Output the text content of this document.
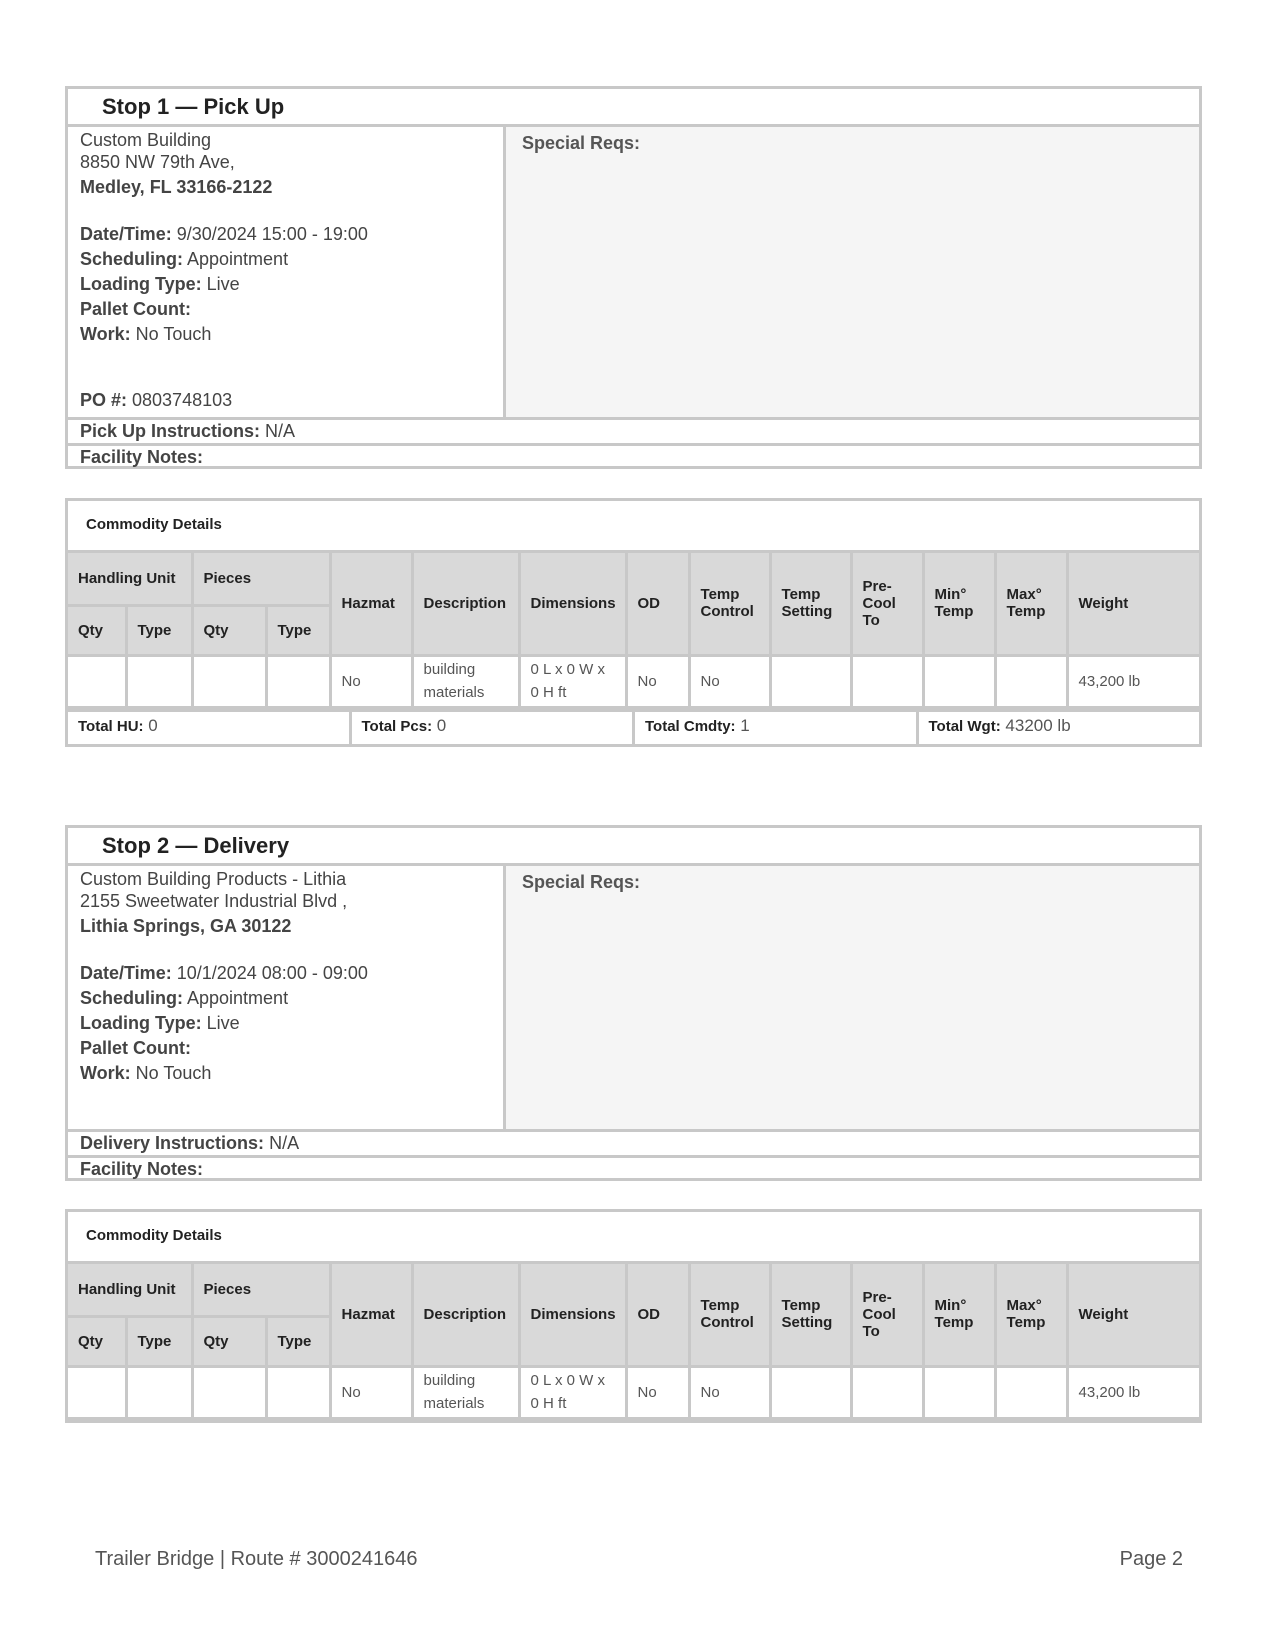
Stop 1 — Pick Up
Custom Building
8850 NW 79th Ave,
Medley, FL 33166-2122
Date/Time: 9/30/2024 15:00 - 19:00
Scheduling: Appointment
Loading Type: Live
Pallet Count:
Work: No Touch
PO #: 0803748103
Special Reqs:
Pick Up Instructions: N/A
Facility Notes:
Commodity Details
Handling Unit		Pieces		Hazmat	Description	Dimensions	OD	Temp Control	Temp Setting	Pre-Cool To	Min° Temp	Max° Temp	Weight
Qty	Type	Qty	Type										
				No	building materials	0 L x 0 W x 0 H ft	No	No					43,200 lb
Total HU: 0	Total Pcs: 0	Total Cmdty: 1	Total Wgt: 43200 lb
Stop 2 — Delivery
Custom Building Products - Lithia
2155 Sweetwater Industrial Blvd ,
Lithia Springs, GA 30122
Date/Time: 10/1/2024 08:00 - 09:00
Scheduling: Appointment
Loading Type: Live
Pallet Count:
Work: No Touch
Special Reqs:
Delivery Instructions: N/A
Facility Notes:
Commodity Details
Handling Unit		Pieces		Hazmat	Description	Dimensions	OD	Temp Control	Temp Setting	Pre-Cool To	Min° Temp	Max° Temp	Weight
Qty	Type	Qty	Type										
				No	building materials	0 L x 0 W x 0 H ft	No	No					43,200 lb
Trailer Bridge | Route # 3000241646	Page 2
